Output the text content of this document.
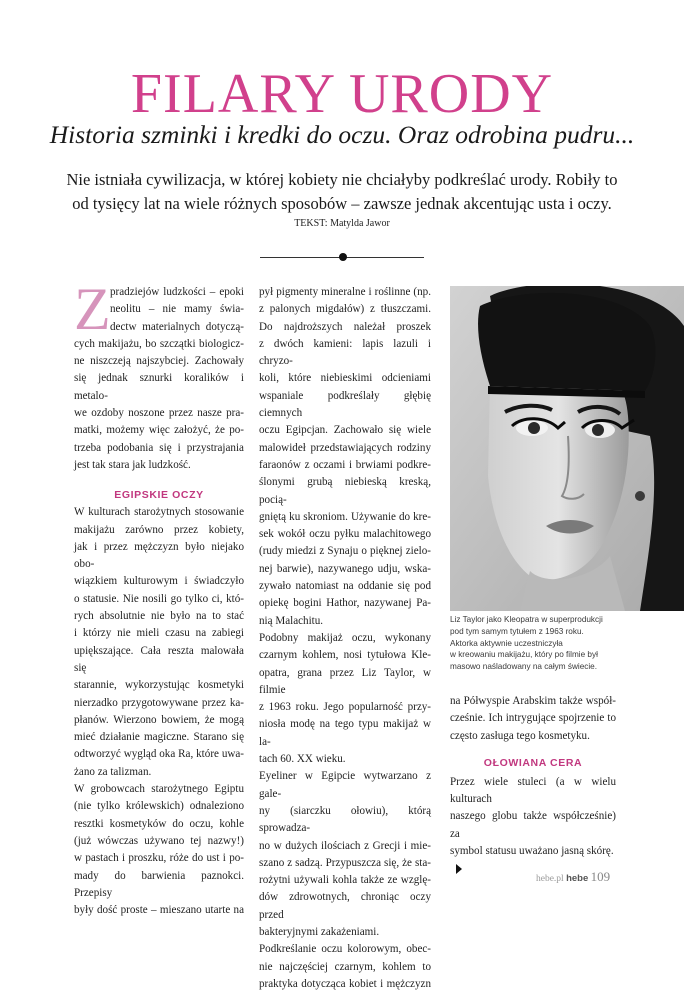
FILARY URODY
Historia szminki i kredki do oczu. Oraz odrobina pudru...
Nie istniała cywilizacja, w której kobiety nie chciałyby podkreślać urody. Robiły to
od tysięcy lat na wiele różnych sposobów – zawsze jednak akcentując usta i oczy.
TEKST: Matylda Jawor
Z pradziejów ludzkości – epoki

neolitu – nie mamy świa-

dectw materialnych dotyczą-

cych makijażu, bo szczątki biologicz-

ne niszczeją najszybciej. Zachowały

się jednak sznurki koralików i metalo-

we ozdoby noszone przez nasze pra-

matki, możemy więc założyć, że po-

trzeba podobania się i przystrajania

jest tak stara jak ludzkość.

EGIPSKIE OCZY

W kulturach starożytnych stosowanie

makijażu zarówno przez kobiety,

jak i przez mężczyzn było niejako obo-

wiązkiem kulturowym i świadczyło

o statusie. Nie nosili go tylko ci, któ-

rych absolutnie nie było na to stać

i którzy nie mieli czasu na zabiegi

upiększające. Cała reszta malowała się

starannie, wykorzystując kosmetyki

nierzadko przygotowywane przez ka-

płanów. Wierzono bowiem, że mogą

mieć działanie magiczne. Starano się

odtworzyć wygląd oka Ra, które uwa-

żano za talizman.

W grobowcach starożytnego Egiptu

(nie tylko królewskich) odnaleziono

resztki kosmetyków do oczu, kohle

(już wówczas używano tej nazwy!)

w pastach i proszku, róże do ust i po-

mady do barwienia paznokci. Przepisy

były dość proste – mieszano utarte na

pył pigmenty mineralne i roślinne (np.

z palonych migdałów) z tłuszczami.

Do najdroższych należał proszek

z dwóch kamieni: lapis lazuli i chryzo-

koli, które niebieskimi odcieniami

wspaniale podkreślały głębię ciemnych

oczu Egipcjan. Zachowało się wiele

malowideł przedstawiających rodziny

faraonów z oczami i brwiami podkre-

ślonymi grubą niebieską kreską, pocią-

gniętą ku skroniom. Używanie do kre-

sek wokół oczu pyłku malachitowego

(rudy miedzi z Synaju o pięknej zielo-

nej barwie), nazywanego udju, wska-

zywało natomiast na oddanie się pod

opiekę bogini Hathor, nazywanej Pa-

nią Malachitu.

Podobny makijaż oczu, wykonany

czarnym kohlem, nosi tytułowa Kle-

opatra, grana przez Liz Taylor, w filmie

z 1963 roku. Jego popularność przy-

niosła modę na tego typu makijaż w la-

tach 60. XX wieku.

Eyeliner w Egipcie wytwarzano z gale-

ny (siarczku ołowiu), którą sprowadza-

no w dużych ilościach z Grecji i mie-

szano z sadzą. Przypuszcza się, że sta-

rożytni używali kohla także ze wzglę-

dów zdrowotnych, chroniąc oczy przed

bakteryjnymi zakażeniami.

Podkreślanie oczu kolorowym, obec-

nie najczęściej czarnym, kohlem to

praktyka dotycząca kobiet i mężczyzn

Liz Taylor jako Kleopatra w superprodukcji
pod tym samym tytułem z 1963 roku.
Aktorka aktywnie uczestniczyła
w kreowaniu makijażu, który po filmie był
masowo naśladowany na całym świecie.

na Półwyspie Arabskim także współ-

cześnie. Ich intrygujące spojrzenie to

często zasługa tego kosmetyku.

OŁOWIANA CERA

Przez wiele stuleci (a w wielu kulturach

naszego globu także współcześnie) za

symbol statusu uważano jasną skórę.

hebe.pl hebe 109
